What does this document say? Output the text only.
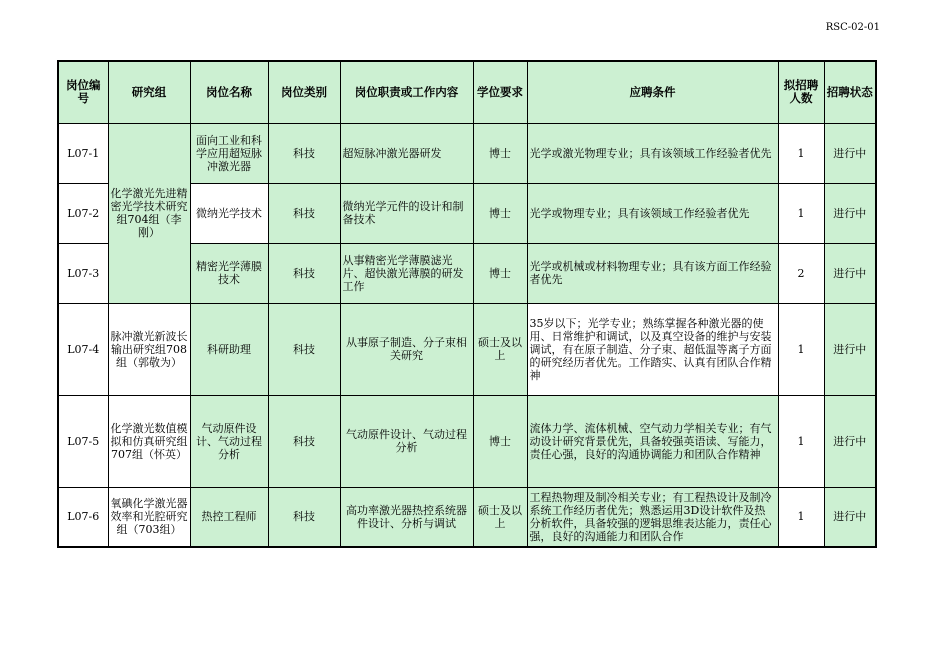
RSC-02-01
岗位编号	研究组	岗位名称	岗位类别	岗位职责或工作内容	学位要求	应聘条件	拟招聘人数	招聘状态
L07-1	化学激光先进精密光学技术研究组704组（李刚）	面向工业和科学应用超短脉冲激光器	科技	超短脉冲激光器研发	博士	光学或激光物理专业；具有该领域工作经验者优先	1	进行中
L07-2		微纳光学技术	科技	微纳光学元件的设计和制备技术	博士	光学或物理专业；具有该领域工作经验者优先	1	进行中
L07-3		精密光学薄膜技术	科技	从事精密光学薄膜滤光片、超快激光薄膜的研发工作	博士	光学或机械或材料物理专业；具有该方面工作经验者优先	2	进行中
L07-4	脉冲激光新波长输出研究组708组（郭敬为）	科研助理	科技	从事原子制造、分子束相关研究	硕士及以上	35岁以下；光学专业；熟练掌握各种激光器的使用、日常维护和调试，以及真空设备的维护与安装调试，有在原子制造、分子束、超低温等离子方面的研究经历者优先。工作踏实、认真有团队合作精神	1	进行中
L07-5	化学激光数值模拟和仿真研究组707组（怀英）	气动原件设计、气动过程分析	科技	气动原件设计、气动过程分析	博士	流体力学、流体机械、空气动力学相关专业；有气动设计研究背景优先，具备较强英语读、写能力，责任心强，良好的沟通协调能力和团队合作精神	1	进行中
L07-6	氧碘化学激光器效率和光腔研究组（703组）	热控工程师	科技	高功率激光器热控系统器件设计、分析与调试	硕士及以上	工程热物理及制冷相关专业；有工程热设计及制冷系统工作经历者优先；熟悉运用3D设计软件及热分析软件，具备较强的逻辑思维表达能力，责任心强，良好的沟通能力和团队合作	1	进行中
